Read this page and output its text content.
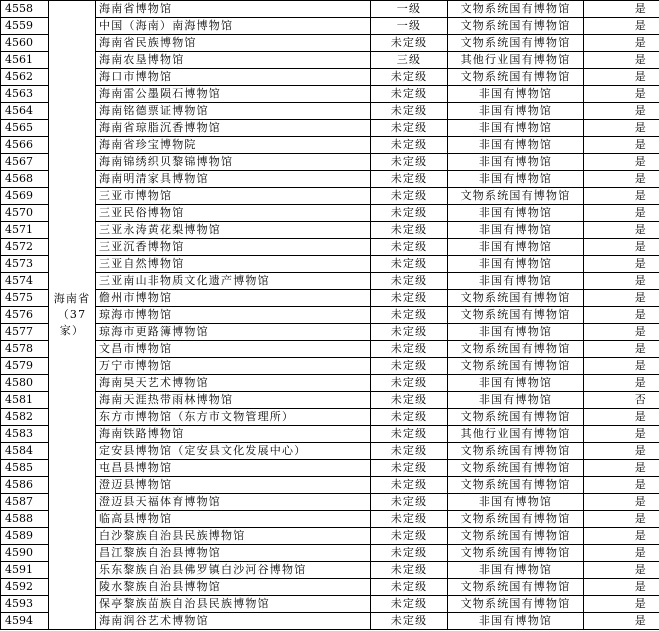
4558	海南省（37家）	海南省博物馆	一级	文物系统国有博物馆	是
4559		中国（海南）南海博物馆	一级	文物系统国有博物馆	是
4560		海南省民族博物馆	未定级	文物系统国有博物馆	是
4561		海南农垦博物馆	三级	其他行业国有博物馆	是
4562		海口市博物馆	未定级	文物系统国有博物馆	是
4563		海南雷公墨陨石博物馆	未定级	非国有博物馆	是
4564		海南铭德票证博物馆	未定级	非国有博物馆	是
4565		海南省琼脂沉香博物馆	未定级	非国有博物馆	是
4566		海南省珍宝博物院	未定级	非国有博物馆	是
4567		海南锦绣织贝黎锦博物馆	未定级	非国有博物馆	是
4568		海南明清家具博物馆	未定级	非国有博物馆	是
4569		三亚市博物馆	未定级	文物系统国有博物馆	是
4570		三亚民俗博物馆	未定级	非国有博物馆	是
4571		三亚永涛黄花梨博物馆	未定级	非国有博物馆	是
4572		三亚沉香博物馆	未定级	非国有博物馆	是
4573		三亚自然博物馆	未定级	非国有博物馆	是
4574		三亚南山非物质文化遗产博物馆	未定级	非国有博物馆	是
4575		儋州市博物馆	未定级	文物系统国有博物馆	是
4576		琼海市博物馆	未定级	文物系统国有博物馆	是
4577		琼海市更路簿博物馆	未定级	非国有博物馆	是
4578		文昌市博物馆	未定级	文物系统国有博物馆	是
4579		万宁市博物馆	未定级	文物系统国有博物馆	是
4580		海南昊天艺术博物馆	未定级	非国有博物馆	是
4581		海南天涯热带雨林博物馆	未定级	非国有博物馆	否
4582		东方市博物馆（东方市文物管理所）	未定级	文物系统国有博物馆	是
4583		海南铁路博物馆	未定级	其他行业国有博物馆	是
4584		定安县博物馆（定安县文化发展中心）	未定级	文物系统国有博物馆	是
4585		屯昌县博物馆	未定级	文物系统国有博物馆	是
4586		澄迈县博物馆	未定级	文物系统国有博物馆	是
4587		澄迈县天福体育博物馆	未定级	非国有博物馆	是
4588		临高县博物馆	未定级	文物系统国有博物馆	是
4589		白沙黎族自治县民族博物馆	未定级	文物系统国有博物馆	是
4590		昌江黎族自治县博物馆	未定级	文物系统国有博物馆	是
4591		乐东黎族自治县佛罗镇白沙河谷博物馆	未定级	非国有博物馆	是
4592		陵水黎族自治县博物馆	未定级	文物系统国有博物馆	是
4593		保亭黎族苗族自治县民族博物馆	未定级	文物系统国有博物馆	是
4594		海南润谷艺术博物馆	未定级	非国有博物馆	是
